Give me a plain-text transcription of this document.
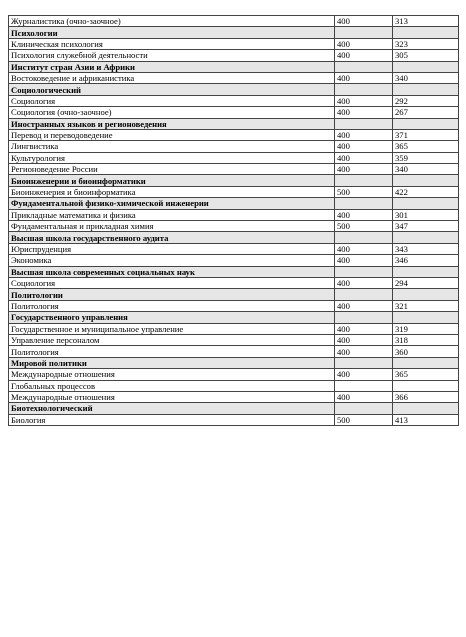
Журналистика (очно-заочное)	400	313
Психологии		
Клиническая психология	400	323
Психология служебной деятельности	400	305
Институт стран Азии и Африки		
Востоковедение и африканистика	400	340
Социологический		
Социология	400	292
Социология (очно-заочное)	400	267
Иностранных языков и регионоведения		
Перевод и переводоведение	400	371
Лингвистика	400	365
Культурология	400	359
Регионоведение России	400	340
Биоинженерии и биоинформатики		
Биоинженерия и биоинформатика	500	422
Фундаментальной физико-химической инженерии		
Прикладные математика и физика	400	301
Фундаментальная и прикладная химия	500	347
Высшая школа государственного аудита		
Юриспруденция	400	343
Экономика	400	346
Высшая школа современных социальных наук		
Социология	400	294
Политологии		
Политология	400	321
Государственного управления		
Государственное и муниципальное управление	400	319
Управление персоналом	400	318
Политология	400	360
Мировой политики		
Международные отношения	400	365
Глобальных процессов		
Международные отношения	400	366
Биотехнологический		
Биология	500	413
